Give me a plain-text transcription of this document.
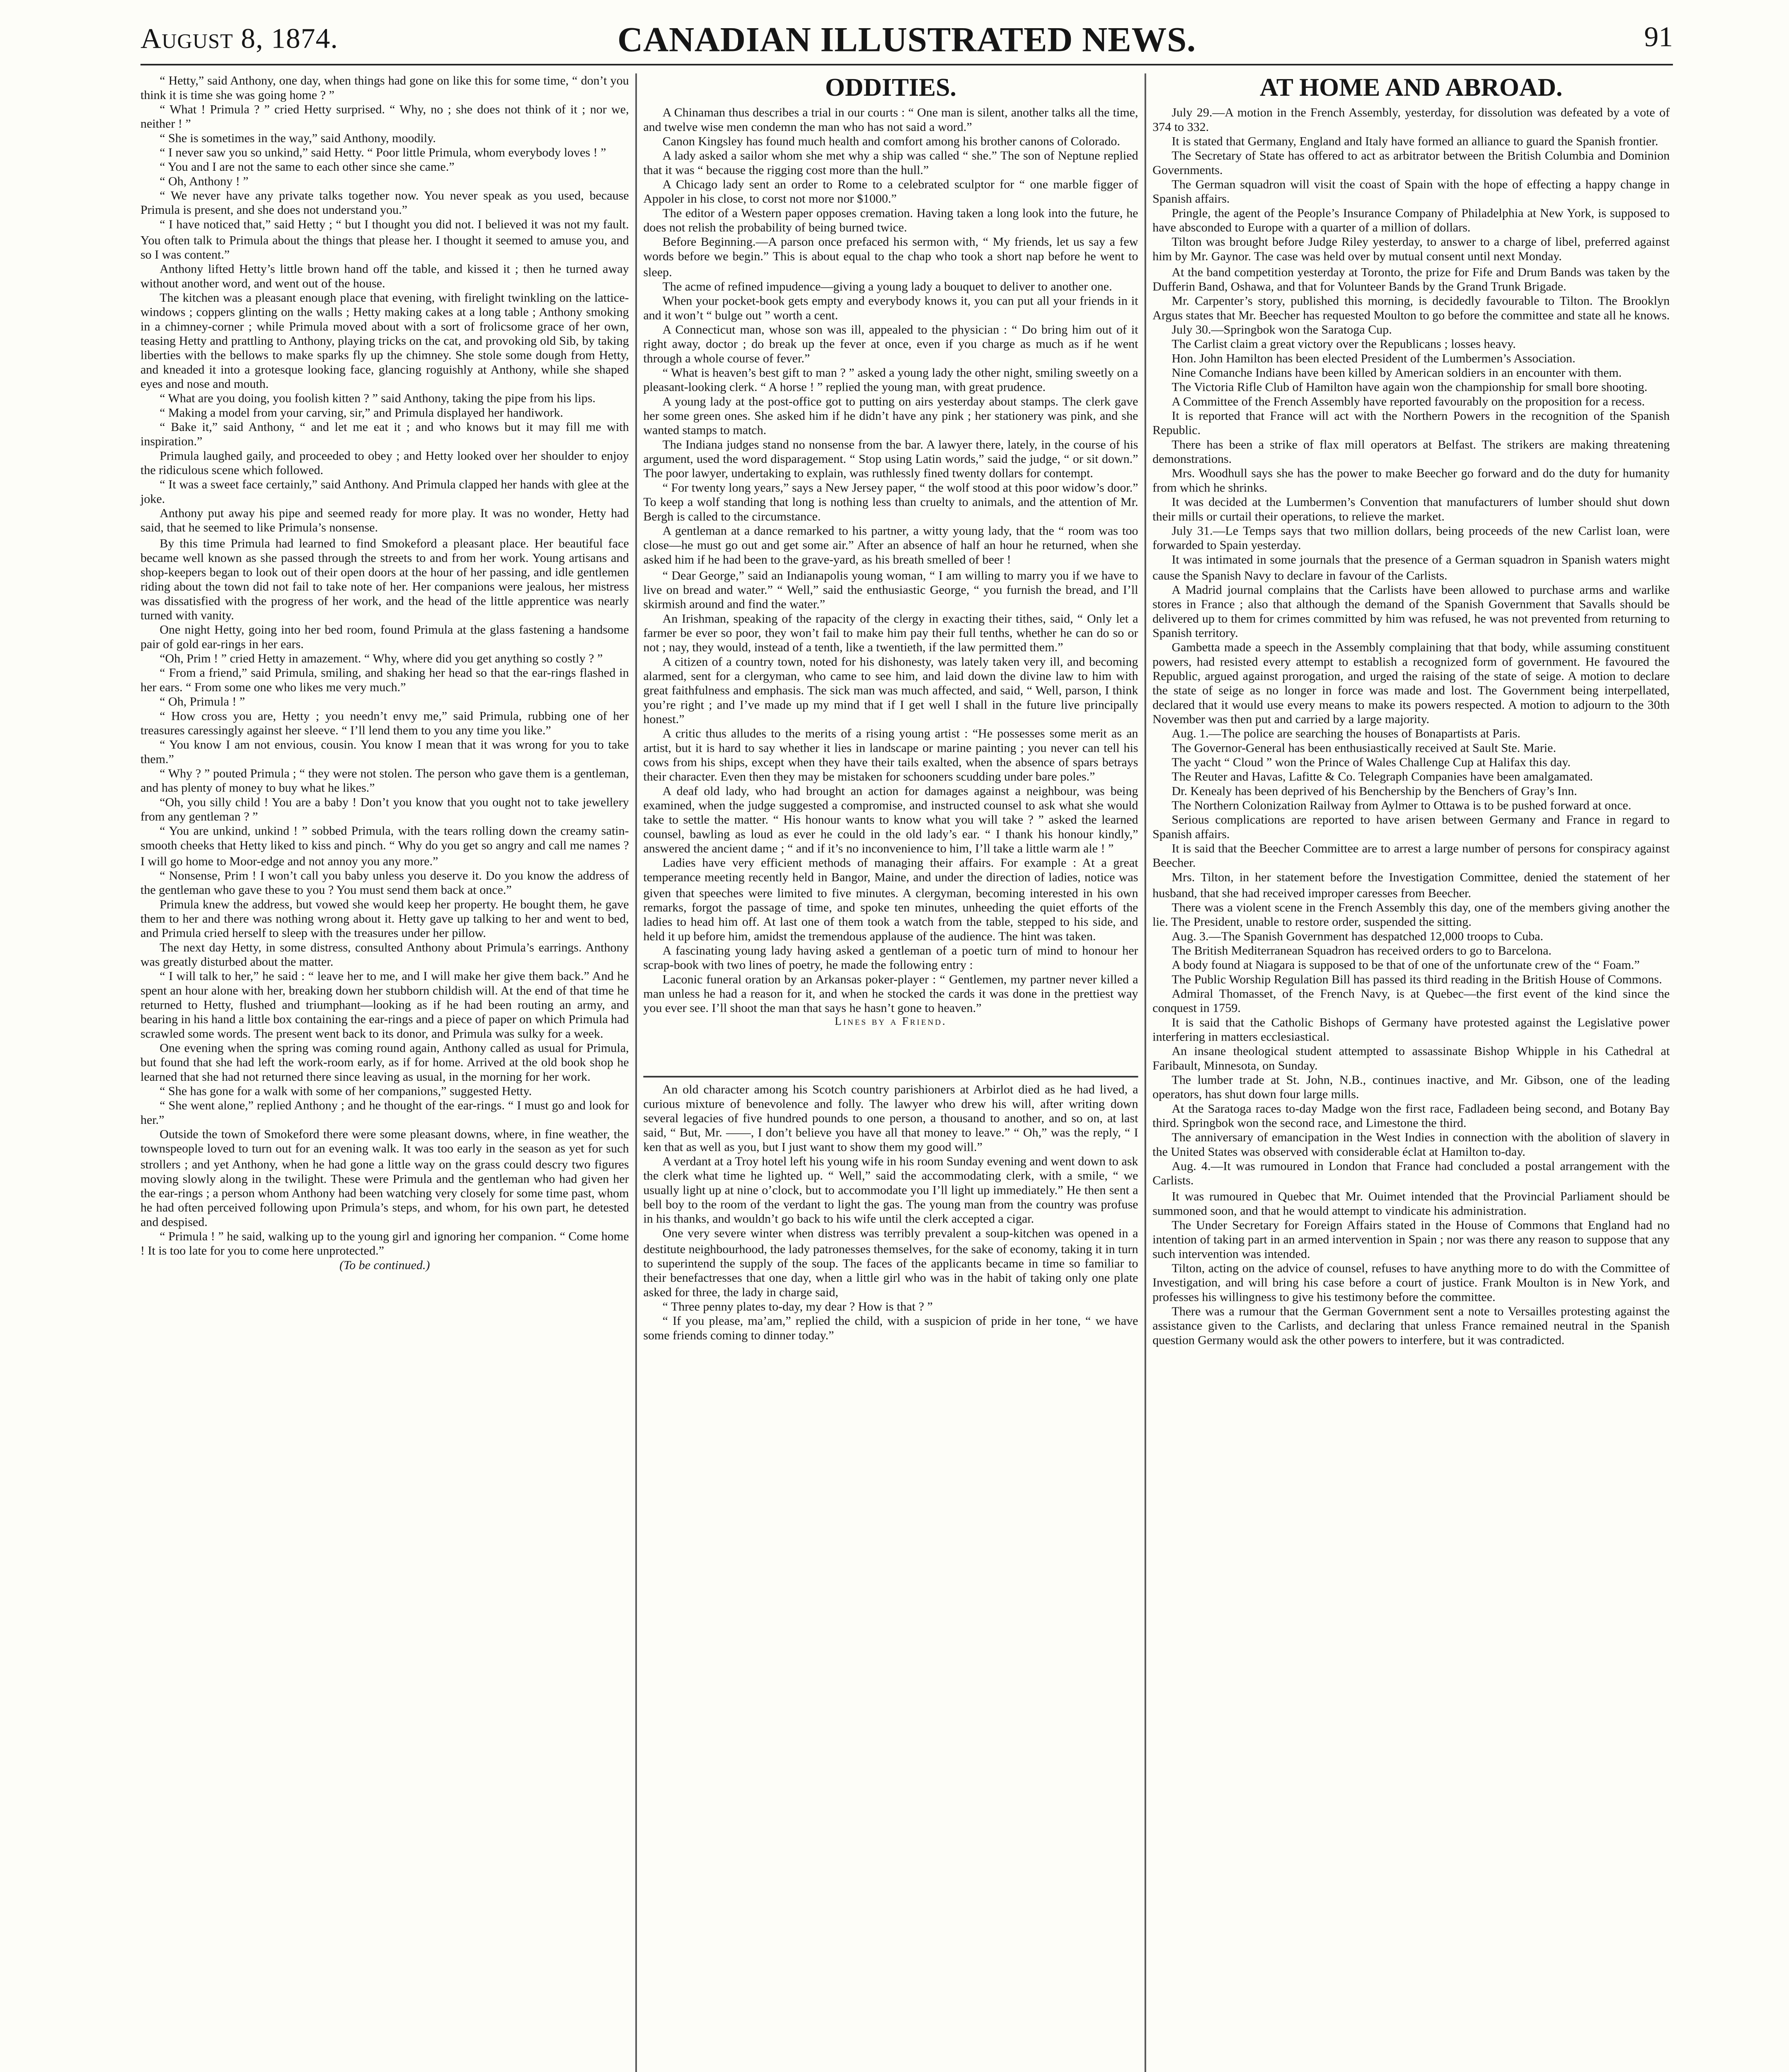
August 8, 1874.	CANADIAN ILLUSTRATED NEWS.	91

“ Hetty,” said Anthony, one day, when things had gone on like this for some time, “ don’t you think it is time she was going home ? ”

“ What ! Primula ? ” cried Hetty surprised. “ Why, no ; she does not think of it ; nor we, neither ! ”

“ She is sometimes in the way,” said Anthony, moodily.

“ I never saw you so unkind,” said Hetty. “ Poor little Primula, whom everybody loves ! ”

“ You and I are not the same to each other since she came.”

“ Oh, Anthony ! ”

“ We never have any private talks together now. You never speak as you used, because Primula is present, and she does not understand you.”

“ I have noticed that,” said Hetty ; “ but I thought you did not. I believed it was not my fault. You often talk to Primula about the things that please her. I thought it seemed to amuse you, and so I was content.”

Anthony lifted Hetty’s little brown hand off the table, and kissed it ; then he turned away without another word, and went out of the house.

The kitchen was a pleasant enough place that evening, with firelight twinkling on the lattice-windows ; coppers glinting on the walls ; Hetty making cakes at a long table ; Anthony smoking in a chimney-corner ; while Primula moved about with a sort of frolicsome grace of her own, teasing Hetty and prattling to Anthony, playing tricks on the cat, and provoking old Sib, by taking liberties with the bellows to make sparks fly up the chimney. She stole some dough from Hetty, and kneaded it into a grotesque looking face, glancing roguishly at Anthony, while she shaped eyes and nose and mouth.

“ What are you doing, you foolish kitten ? ” said Anthony, taking the pipe from his lips.

“ Making a model from your carving, sir,” and Primula displayed her handiwork.

“ Bake it,” said Anthony, “ and let me eat it ; and who knows but it may fill me with inspiration.”

Primula laughed gaily, and proceeded to obey ; and Hetty looked over her shoulder to enjoy the ridiculous scene which followed.

“ It was a sweet face certainly,” said Anthony. And Primula clapped her hands with glee at the joke.

Anthony put away his pipe and seemed ready for more play. It was no wonder, Hetty had said, that he seemed to like Primula’s nonsense.

By this time Primula had learned to find Smokeford a pleasant place. Her beautiful face became well known as she passed through the streets to and from her work. Young artisans and shop-keepers began to look out of their open doors at the hour of her passing, and idle gentlemen riding about the town did not fail to take note of her. Her companions were jealous, her mistress was dissatisfied with the progress of her work, and the head of the little apprentice was nearly turned with vanity.

One night Hetty, going into her bed room, found Primula at the glass fastening a handsome pair of gold ear-rings in her ears.

“Oh, Prim ! ” cried Hetty in amazement. “ Why, where did you get anything so costly ? ”

“ From a friend,” said Primula, smiling, and shaking her head so that the ear-rings flashed in her ears. “ From some one who likes me very much.”

“ Oh, Primula ! ”

“ How cross you are, Hetty ; you needn’t envy me,” said Primula, rubbing one of her treasures caressingly against her sleeve. “ I’ll lend them to you any time you like.”

“ You know I am not envious, cousin. You know I mean that it was wrong for you to take them.”

“ Why ? ” pouted Primula ; “ they were not stolen. The person who gave them is a gentleman, and has plenty of money to buy what he likes.”

“Oh, you silly child ! You are a baby ! Don’t you know that you ought not to take jewellery from any gentleman ? ”

“ You are unkind, unkind ! ” sobbed Primula, with the tears rolling down the creamy satin-smooth cheeks that Hetty liked to kiss and pinch. “ Why do you get so angry and call me names ? I will go home to Moor-edge and not annoy you any more.”

“ Nonsense, Prim ! I won’t call you baby unless you deserve it. Do you know the address of the gentleman who gave these to you ? You must send them back at once.”

Primula knew the address, but vowed she would keep her property. He bought them, he gave them to her and there was nothing wrong about it. Hetty gave up talking to her and went to bed, and Primula cried herself to sleep with the treasures under her pillow.

The next day Hetty, in some distress, consulted Anthony about Primula’s earrings. Anthony was greatly disturbed about the matter.

“ I will talk to her,” he said : “ leave her to me, and I will make her give them back.” And he spent an hour alone with her, breaking down her stubborn childish will. At the end of that time he returned to Hetty, flushed and triumphant—looking as if he had been routing an army, and bearing in his hand a little box containing the ear-rings and a piece of paper on which Primula had scrawled some words. The present went back to its donor, and Primula was sulky for a week.

One evening when the spring was coming round again, Anthony called as usual for Primula, but found that she had left the work-room early, as if for home. Arrived at the old book shop he learned that she had not returned there since leaving as usual, in the morning for her work.

“ She has gone for a walk with some of her companions,” suggested Hetty.

“ She went alone,” replied Anthony ; and he thought of the ear-rings. “ I must go and look for her.”

Outside the town of Smokeford there were some pleasant downs, where, in fine weather, the townspeople loved to turn out for an evening walk. It was too early in the season as yet for such strollers ; and yet Anthony, when he had gone a little way on the grass could descry two figures moving slowly along in the twilight. These were Primula and the gentleman who had given her the ear-rings ; a person whom Anthony had been watching very closely for some time past, whom he had often perceived following upon Primula’s steps, and whom, for his own part, he detested and despised.

“ Primula ! ” he said, walking up to the young girl and ignoring her companion. “ Come home ! It is too late for you to come here unprotected.”

(To be continued.)

ODDITIES.

A Chinaman thus describes a trial in our courts : “ One man is silent, another talks all the time, and twelve wise men condemn the man who has not said a word.”

Canon Kingsley has found much health and comfort among his brother canons of Colorado.

A lady asked a sailor whom she met why a ship was called “ she.” The son of Neptune replied that it was “ because the rigging cost more than the hull.”

A Chicago lady sent an order to Rome to a celebrated sculptor for “ one marble figger of Appoler in his close, to corst not more nor $1000.”

The editor of a Western paper opposes cremation. Having taken a long look into the future, he does not relish the probability of being burned twice.

Before Beginning.—A parson once prefaced his sermon with, “ My friends, let us say a few words before we begin.” This is about equal to the chap who took a short nap before he went to sleep.

The acme of refined impudence—giving a young lady a bouquet to deliver to another one.

When your pocket-book gets empty and everybody knows it, you can put all your friends in it and it won’t “ bulge out ” worth a cent.

A Connecticut man, whose son was ill, appealed to the physician : “ Do bring him out of it right away, doctor ; do break up the fever at once, even if you charge as much as if he went through a whole course of fever.”

“ What is heaven’s best gift to man ? ” asked a young lady the other night, smiling sweetly on a pleasant-looking clerk. “ A horse ! ” replied the young man, with great prudence.

A young lady at the post-office got to putting on airs yesterday about stamps. The clerk gave her some green ones. She asked him if he didn’t have any pink ; her stationery was pink, and she wanted stamps to match.

The Indiana judges stand no nonsense from the bar. A lawyer there, lately, in the course of his argument, used the word disparagement. “ Stop using Latin words,” said the judge, “ or sit down.” The poor lawyer, undertaking to explain, was ruthlessly fined twenty dollars for contempt.

“ For twenty long years,” says a New Jersey paper, “ the wolf stood at this poor widow’s door.” To keep a wolf standing that long is nothing less than cruelty to animals, and the attention of Mr. Bergh is called to the circumstance.

A gentleman at a dance remarked to his partner, a witty young lady, that the “ room was too close—he must go out and get some air.” After an absence of half an hour he returned, when she asked him if he had been to the grave-yard, as his breath smelled of beer !

“ Dear George,” said an Indianapolis young woman, “ I am willing to marry you if we have to live on bread and water.” “ Well,” said the enthusiastic George, “ you furnish the bread, and I’ll skirmish around and find the water.”

An Irishman, speaking of the rapacity of the clergy in exacting their tithes, said, “ Only let a farmer be ever so poor, they won’t fail to make him pay their full tenths, whether he can do so or not ; nay, they would, instead of a tenth, like a twentieth, if the law permitted them.”

A citizen of a country town, noted for his dishonesty, was lately taken very ill, and becoming alarmed, sent for a clergyman, who came to see him, and laid down the divine law to him with great faithfulness and emphasis. The sick man was much affected, and said, “ Well, parson, I think you’re right ; and I’ve made up my mind that if I get well I shall in the future live principally honest.”

A critic thus alludes to the merits of a rising young artist : “He possesses some merit as an artist, but it is hard to say whether it lies in landscape or marine painting ; you never can tell his cows from his ships, except when they have their tails exalted, when the absence of spars betrays their character. Even then they may be mistaken for schooners scudding under bare poles.”

A deaf old lady, who had brought an action for damages against a neighbour, was being examined, when the judge suggested a compromise, and instructed counsel to ask what she would take to settle the matter. “ His honour wants to know what you will take ? ” asked the learned counsel, bawling as loud as ever he could in the old lady’s ear. “ I thank his honour kindly,” answered the ancient dame ; “ and if it’s no inconvenience to him, I’ll take a little warm ale ! ”

Ladies have very efficient methods of managing their affairs. For example : At a great temperance meeting recently held in Bangor, Maine, and under the direction of ladies, notice was given that speeches were limited to five minutes. A clergyman, becoming interested in his own remarks, forgot the passage of time, and spoke ten minutes, unheeding the quiet efforts of the ladies to head him off. At last one of them took a watch from the table, stepped to his side, and held it up before him, amidst the tremendous applause of the audience. The hint was taken.

A fascinating young lady having asked a gentleman of a poetic turn of mind to honour her scrap-book with two lines of poetry, he made the following entry :

Laconic funeral oration by an Arkansas poker-player : “ Gentlemen, my partner never killed a man unless he had a reason for it, and when he stocked the cards it was done in the prettiest way you ever see. I’ll shoot the man that says he hasn’t gone to heaven.”

Lines by a Friend.

An old character among his Scotch country parishioners at Arbirlot died as he had lived, a curious mixture of benevolence and folly. The lawyer who drew his will, after writing down several legacies of five hundred pounds to one person, a thousand to another, and so on, at last said, “ But, Mr. ——, I don’t believe you have all that money to leave.” “ Oh,” was the reply, “ I ken that as well as you, but I just want to show them my good will.”

A verdant at a Troy hotel left his young wife in his room Sunday evening and went down to ask the clerk what time he lighted up. “ Well,” said the accommodating clerk, with a smile, “ we usually light up at nine o’clock, but to accommodate you I’ll light up immediately.” He then sent a bell boy to the room of the verdant to light the gas. The young man from the country was profuse in his thanks, and wouldn’t go back to his wife until the clerk accepted a cigar.

One very severe winter when distress was terribly prevalent a soup-kitchen was opened in a destitute neighbourhood, the lady patronesses themselves, for the sake of economy, taking it in turn to superintend the supply of the soup. The faces of the applicants became in time so familiar to their benefactresses that one day, when a little girl who was in the habit of taking only one plate asked for three, the lady in charge said,

“ Three penny plates to-day, my dear ? How is that ? ”

“ If you please, ma’am,” replied the child, with a suspicion of pride in her tone, “ we have some friends coming to dinner today.”

AT HOME AND ABROAD.

July 29.—A motion in the French Assembly, yesterday, for dissolution was defeated by a vote of 374 to 332.

It is stated that Germany, England and Italy have formed an alliance to guard the Spanish frontier.

The Secretary of State has offered to act as arbitrator between the British Columbia and Dominion Governments.

The German squadron will visit the coast of Spain with the hope of effecting a happy change in Spanish affairs.

Pringle, the agent of the People’s Insurance Company of Philadelphia at New York, is supposed to have absconded to Europe with a quarter of a million of dollars.

Tilton was brought before Judge Riley yesterday, to answer to a charge of libel, preferred against him by Mr. Gaynor. The case was held over by mutual consent until next Monday.

At the band competition yesterday at Toronto, the prize for Fife and Drum Bands was taken by the Dufferin Band, Oshawa, and that for Volunteer Bands by the Grand Trunk Brigade.

Mr. Carpenter’s story, published this morning, is decidedly favourable to Tilton. The Brooklyn Argus states that Mr. Beecher has requested Moulton to go before the committee and state all he knows.

July 30.—Springbok won the Saratoga Cup.

The Carlist claim a great victory over the Republicans ; losses heavy.

Hon. John Hamilton has been elected President of the Lumbermen’s Association.

Nine Comanche Indians have been killed by American soldiers in an encounter with them.

The Victoria Rifle Club of Hamilton have again won the championship for small bore shooting.

A Committee of the French Assembly have reported favourably on the proposition for a recess.

It is reported that France will act with the Northern Powers in the recognition of the Spanish Republic.

There has been a strike of flax mill operators at Belfast. The strikers are making threatening demonstrations.

Mrs. Woodhull says she has the power to make Beecher go forward and do the duty for humanity from which he shrinks.

It was decided at the Lumbermen’s Convention that manufacturers of lumber should shut down their mills or curtail their operations, to relieve the market.

July 31.—Le Temps says that two million dollars, being proceeds of the new Carlist loan, were forwarded to Spain yesterday.

It was intimated in some journals that the presence of a German squadron in Spanish waters might cause the Spanish Navy to declare in favour of the Carlists.

A Madrid journal complains that the Carlists have been allowed to purchase arms and warlike stores in France ; also that although the demand of the Spanish Government that Savalls should be delivered up to them for crimes committed by him was refused, he was not prevented from returning to Spanish territory.

Gambetta made a speech in the Assembly complaining that that body, while assuming constituent powers, had resisted every attempt to establish a recognized form of government. He favoured the Republic, argued against prorogation, and urged the raising of the state of seige. A motion to declare the state of seige as no longer in force was made and lost. The Government being interpellated, declared that it would use every means to make its powers respected. A motion to adjourn to the 30th November was then put and carried by a large majority.

Aug. 1.—The police are searching the houses of Bonapartists at Paris.

The Governor-General has been enthusiastically received at Sault Ste. Marie.

The yacht “ Cloud ” won the Prince of Wales Challenge Cup at Halifax this day.

The Reuter and Havas, Lafitte & Co. Telegraph Companies have been amalgamated.

Dr. Kenealy has been deprived of his Benchership by the Benchers of Gray’s Inn.

The Northern Colonization Railway from Aylmer to Ottawa is to be pushed forward at once.

Serious complications are reported to have arisen between Germany and France in regard to Spanish affairs.

It is said that the Beecher Committee are to arrest a large number of persons for conspiracy against Beecher.

Mrs. Tilton, in her statement before the Investigation Committee, denied the statement of her husband, that she had received improper caresses from Beecher.

There was a violent scene in the French Assembly this day, one of the members giving another the lie. The President, unable to restore order, suspended the sitting.

Aug. 3.—The Spanish Government has despatched 12,000 troops to Cuba.

The British Mediterranean Squadron has received orders to go to Barcelona.

A body found at Niagara is supposed to be that of one of the unfortunate crew of the “ Foam.”

The Public Worship Regulation Bill has passed its third reading in the British House of Commons.

Admiral Thomasset, of the French Navy, is at Quebec—the first event of the kind since the conquest in 1759.

It is said that the Catholic Bishops of Germany have protested against the Legislative power interfering in matters ecclesiastical.

An insane theological student attempted to assassinate Bishop Whipple in his Cathedral at Faribault, Minnesota, on Sunday.

The lumber trade at St. John, N.B., continues inactive, and Mr. Gibson, one of the leading operators, has shut down four large mills.

At the Saratoga races to-day Madge won the first race, Fadladeen being second, and Botany Bay third. Springbok won the second race, and Limestone the third.

The anniversary of emancipation in the West Indies in connection with the abolition of slavery in the United States was observed with considerable éclat at Hamilton to-day.

Aug. 4.—It was rumoured in London that France had concluded a postal arrangement with the Carlists.

It was rumoured in Quebec that Mr. Ouimet intended that the Provincial Parliament should be summoned soon, and that he would attempt to vindicate his administration.

The Under Secretary for Foreign Affairs stated in the House of Commons that England had no intention of taking part in an armed intervention in Spain ; nor was there any reason to suppose that any such intervention was intended.

Tilton, acting on the advice of counsel, refuses to have anything more to do with the Committee of Investigation, and will bring his case before a court of justice. Frank Moulton is in New York, and professes his willingness to give his testimony before the committee.

There was a rumour that the German Government sent a note to Versailles protesting against the assistance given to the Carlists, and declaring that unless France remained neutral in the Spanish question Germany would ask the other powers to interfere, but it was contradicted.
